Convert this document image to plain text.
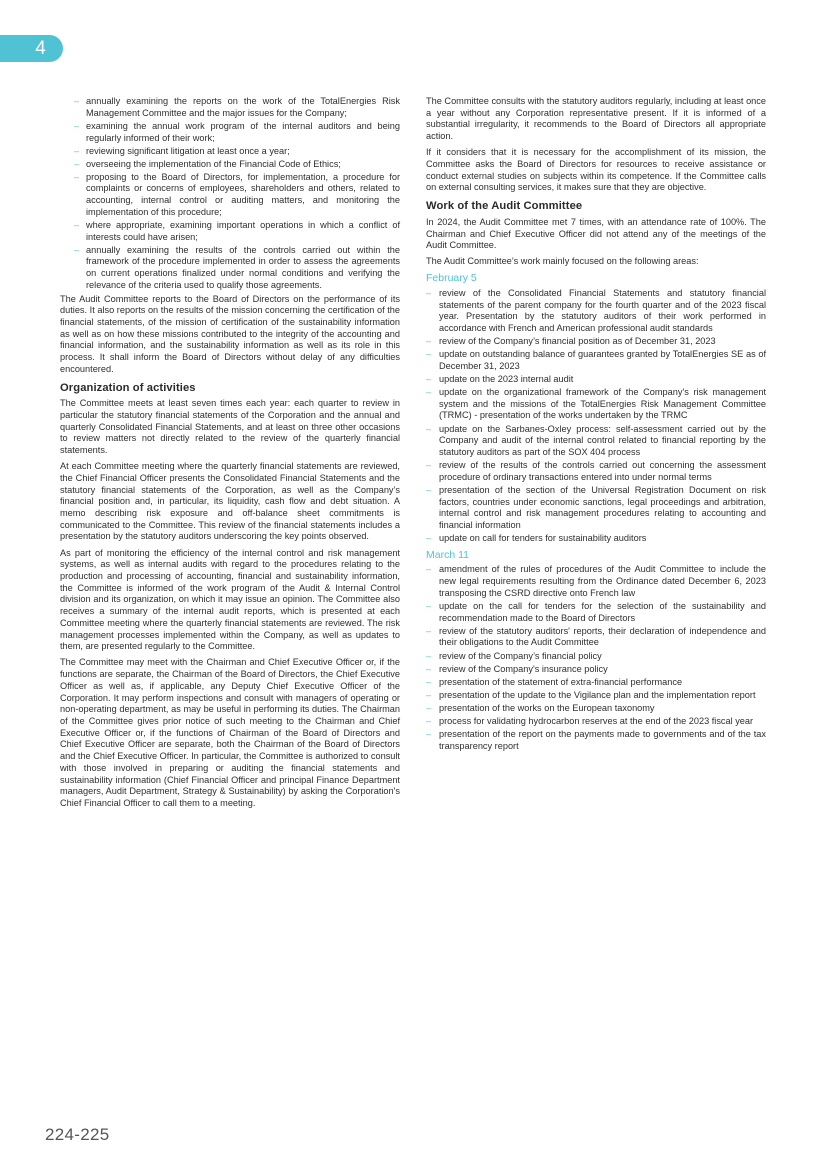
4
– annually examining the reports on the work of the TotalEnergies Risk Management Committee and the major issues for the Company;
– examining the annual work program of the internal auditors and being regularly informed of their work;
– reviewing significant litigation at least once a year;
– overseeing the implementation of the Financial Code of Ethics;
– proposing to the Board of Directors, for implementation, a procedure for complaints or concerns of employees, shareholders and others, related to accounting, internal control or auditing matters, and monitoring the implementation of this procedure;
– where appropriate, examining important operations in which a conflict of interests could have arisen;
– annually examining the results of the controls carried out within the framework of the procedure implemented in order to assess the agreements on current operations finalized under normal conditions and verifying the relevance of the criteria used to qualify those agreements.

The Audit Committee reports to the Board of Directors on the performance of its duties. It also reports on the results of the mission concerning the certification of the financial statements, of the mission of certification of the sustainability information as well as on how these missions contributed to the integrity of the accounting and financial information, and the sustainability information as well as its role in this process. It shall inform the Board of Directors without delay of any difficulties encountered.

Organization of activities

The Committee meets at least seven times each year: each quarter to review in particular the statutory financial statements of the Corporation and the annual and quarterly Consolidated Financial Statements, and at least on three other occasions to review matters not directly related to the review of the quarterly financial statements.

At each Committee meeting where the quarterly financial statements are reviewed, the Chief Financial Officer presents the Consolidated Financial Statements and the statutory financial statements of the Corporation, as well as the Company’s financial position and, in particular, its liquidity, cash flow and debt situation. A memo describing risk exposure and off-balance sheet commitments is communicated to the Committee. This review of the financial statements includes a presentation by the statutory auditors underscoring the key points observed.

As part of monitoring the efficiency of the internal control and risk management systems, as well as internal audits with regard to the procedures relating to the production and processing of accounting, financial and sustainability information, the Committee is informed of the work program of the Audit & Internal Control division and its organization, on which it may issue an opinion. The Committee also receives a summary of the internal audit reports, which is presented at each Committee meeting where the quarterly financial statements are reviewed. The risk management processes implemented within the Company, as well as updates to them, are presented regularly to the Committee.

The Committee may meet with the Chairman and Chief Executive Officer or, if the functions are separate, the Chairman of the Board of Directors, the Chief Executive Officer as well as, if applicable, any Deputy Chief Executive Officer of the Corporation. It may perform inspections and consult with managers of operating or non-operating department, as may be useful in performing its duties. The Chairman of the Committee gives prior notice of such meeting to the Chairman and Chief Executive Officer or, if the functions of Chairman of the Board of Directors and Chief Executive Officer are separate, both the Chairman of the Board of Directors and the Chief Executive Officer. In particular, the Committee is authorized to consult with those involved in preparing or auditing the financial statements and sustainability information (Chief Financial Officer and principal Finance Department managers, Audit Department, Strategy & Sustainability) by asking the Corporation's Chief Financial Officer to call them to a meeting.

The Committee consults with the statutory auditors regularly, including at least once a year without any Corporation representative present. If it is informed of a substantial irregularity, it recommends to the Board of Directors all appropriate action.

If it considers that it is necessary for the accomplishment of its mission, the Committee asks the Board of Directors for resources to receive assistance or conduct external studies on subjects within its competence. If the Committee calls on external consulting services, it makes sure that they are objective.

Work of the Audit Committee

In 2024, the Audit Committee met 7 times, with an attendance rate of 100%. The Chairman and Chief Executive Officer did not attend any of the meetings of the Audit Committee.

The Audit Committee’s work mainly focused on the following areas:

February 5
– review of the Consolidated Financial Statements and statutory financial statements of the parent company for the fourth quarter and of the 2023 fiscal year. Presentation by the statutory auditors of their work performed in accordance with French and American professional audit standards
– review of the Company’s financial position as of December 31, 2023
– update on outstanding balance of guarantees granted by TotalEnergies SE as of December 31, 2023
– update on the 2023 internal audit
– update on the organizational framework of the Company's risk management system and the missions of the TotalEnergies Risk Management Committee (TRMC) - presentation of the works undertaken by the TRMC
– update on the Sarbanes-Oxley process: self-assessment carried out by the Company and audit of the internal control related to financial reporting by the statutory auditors as part of the SOX 404 process
– review of the results of the controls carried out concerning the assessment procedure of ordinary transactions entered into under normal terms
– presentation of the section of the Universal Registration Document on risk factors, countries under economic sanctions, legal proceedings and arbitration, internal control and risk management procedures relating to accounting and financial information
– update on call for tenders for sustainability auditors
March 11
– amendment of the rules of procedures of the Audit Committee to include the new legal requirements resulting from the Ordinance dated December 6, 2023 transposing the CSRD directive onto French law
– update on the call for tenders for the selection of the sustainability and recommendation made to the Board of Directors
– review of the statutory auditors' reports, their declaration of independence and their obligations to the Audit Committee
– review of the Company’s financial policy
– review of the Company's insurance policy
– presentation of the statement of extra-financial performance
– presentation of the update to the Vigilance plan and the implementation report
– presentation of the works on the European taxonomy
– process for validating hydrocarbon reserves at the end of the 2023 fiscal year
– presentation of the report on the payments made to governments and of the tax transparency report
224-225
